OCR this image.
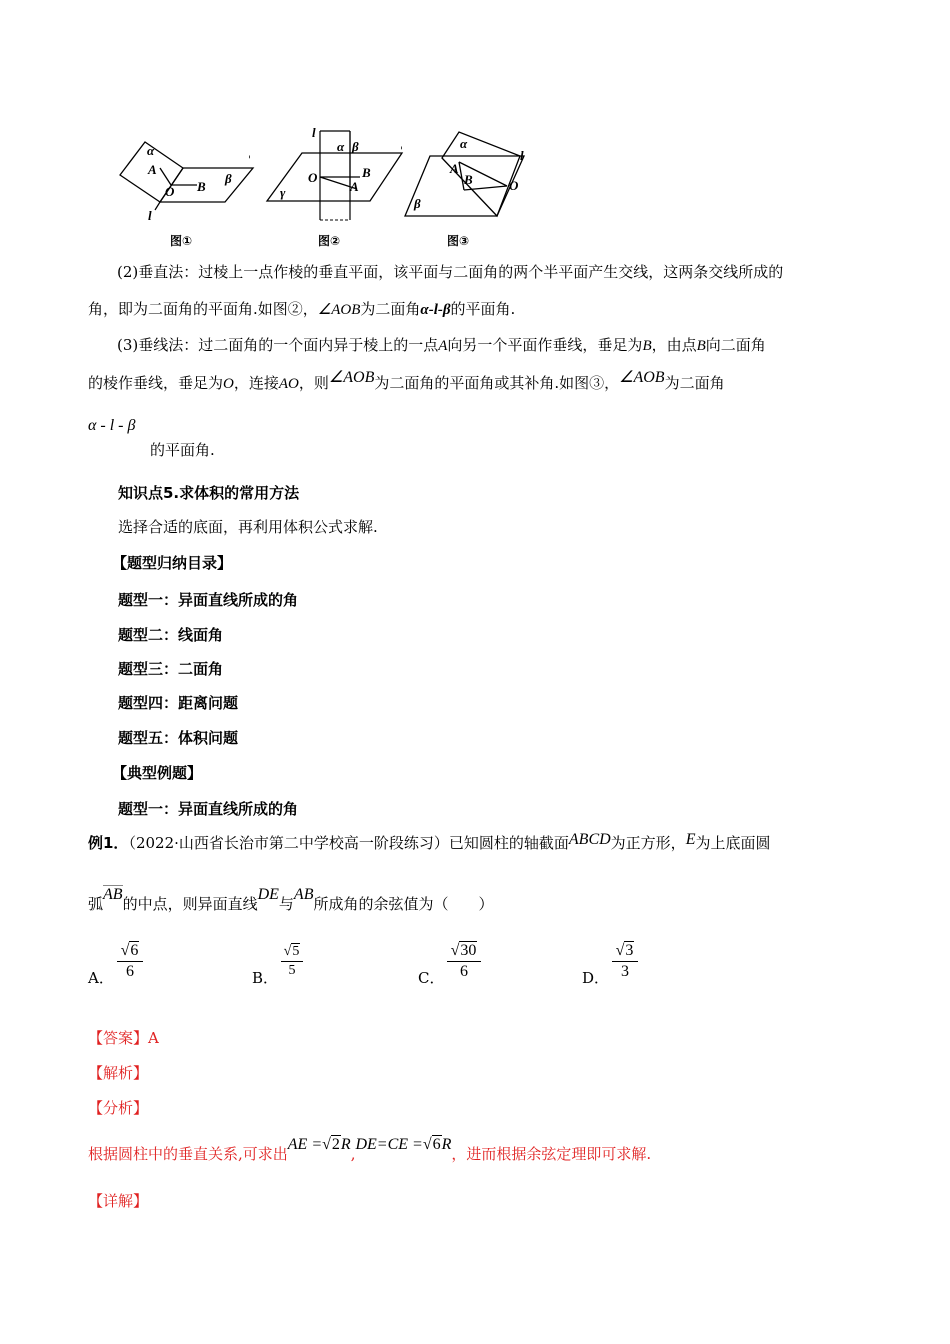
α
A
O B
β
l
'
图①
l
α β
O	B
A
γ
'
图②
α
l
A
B	O
β
图③
(2)垂直法：过棱上一点作棱的垂直平面，该平面与二面角的两个半平面产生交线，这两条交线所成的
角，即为二面角的平面角.如图②，∠AOB为二面角α-l-β的平面角.
(3)垂线法：过二面角的一个面内异于棱上的一点A向另一个平面作垂线，垂足为B，由点B向二面角
的棱作垂线，垂足为O，连接AO，则∠AOB为二面角的平面角或其补角.如图③，∠AOB为二面角
α - l - β
的平面角.
知识点5.求体积的常用方法
选择合适的底面，再利用体积公式求解.
【题型归纳目录】
题型一：异面直线所成的角
题型二：线面角
题型三：二面角
题型四：距离问题
题型五：体积问题
【典型例题】
题型一：异面直线所成的角
例1．（2022·山西省长治市第二中学校高一阶段练习）已知圆柱的轴截面ABCD为正方形，E为上底面圆
弧AB的中点，则异面直线DE与AB所成角的余弦值为（　　）
A．
√6
6	B．
√5
5	C．
√30
6	D．
√3
3
【答案】A
【解析】
【分析】
根据圆柱中的垂直关系,可求出AE =√2R,DE=CE =√6R，进而根据余弦定理即可求解.
【详解】
